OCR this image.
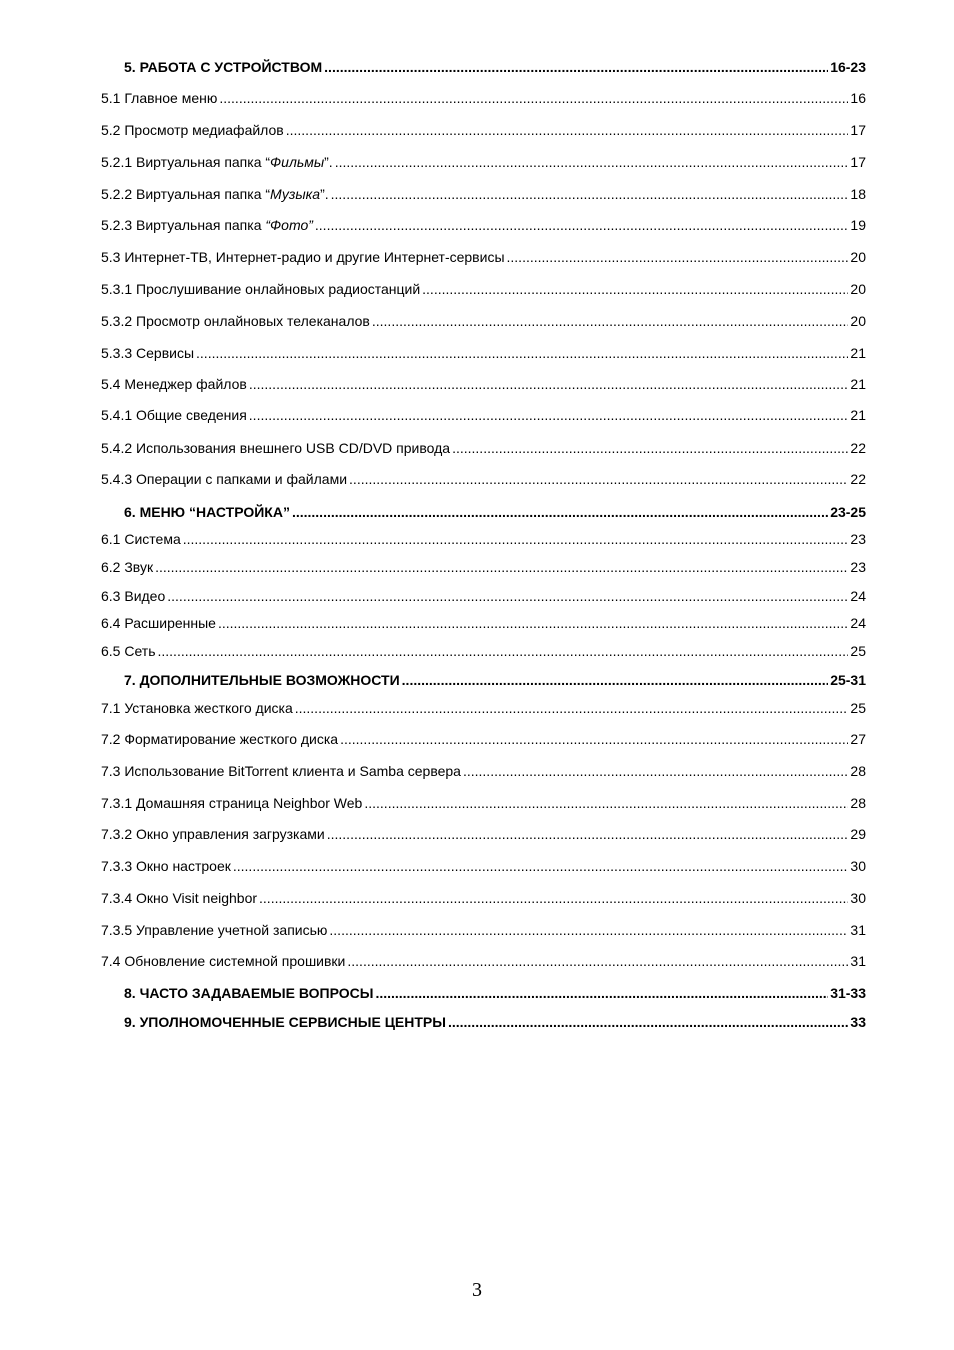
5. РАБОТА С УСТРОЙСТВОМ .....	16-23
5.1 Главное меню .....	16
5.2 Просмотр медиафайлов .....	17
5.2.1 Виртуальная папка “Фильмы”. .....	17
5.2.2 Виртуальная папка “Музыка”. .....	18
5.2.3 Виртуальная папка “Фото” .....	19
5.3 Интернет-ТВ, Интернет-радио и другие Интернет-сервисы .....	20
5.3.1 Прослушивание онлайновых радиостанций .....	20
5.3.2 Просмотр онлайновых телеканалов .....	20
5.3.3 Сервисы .....	21
5.4 Менеджер файлов .....	21
5.4.1 Общие сведения .....	21
5.4.2 Использования внешнего USB CD/DVD привода .....	22
5.4.3 Операции с папками и файлами .....	22
6. МЕНЮ “НАСТРОЙКА” .....	23-25
6.1 Система .....	23
6.2 Звук .....	23
6.3 Видео .....	24
6.4 Расширенные .....	24
6.5 Сеть .....	25
7. ДОПОЛНИТЕЛЬНЫЕ ВОЗМОЖНОСТИ .....	25-31
7.1 Установка жесткого диска .....	25
7.2 Форматирование жесткого диска .....	27
7.3 Использование BitTorrent клиента и Samba сервера .....	28
7.3.1 Домашняя страница Neighbor Web .....	28
7.3.2 Окно управления загрузками .....	29
7.3.3 Окно настроек .....	30
7.3.4 Окно Visit neighbor .....	30
7.3.5 Управление учетной записью .....	31
7.4 Обновление системной прошивки .....	31
8. ЧАСТО ЗАДАВАЕМЫЕ ВОПРОСЫ .....	31-33
9. УПОЛНОМОЧЕННЫЕ СЕРВИСНЫЕ ЦЕНТРЫ .....	33
3
